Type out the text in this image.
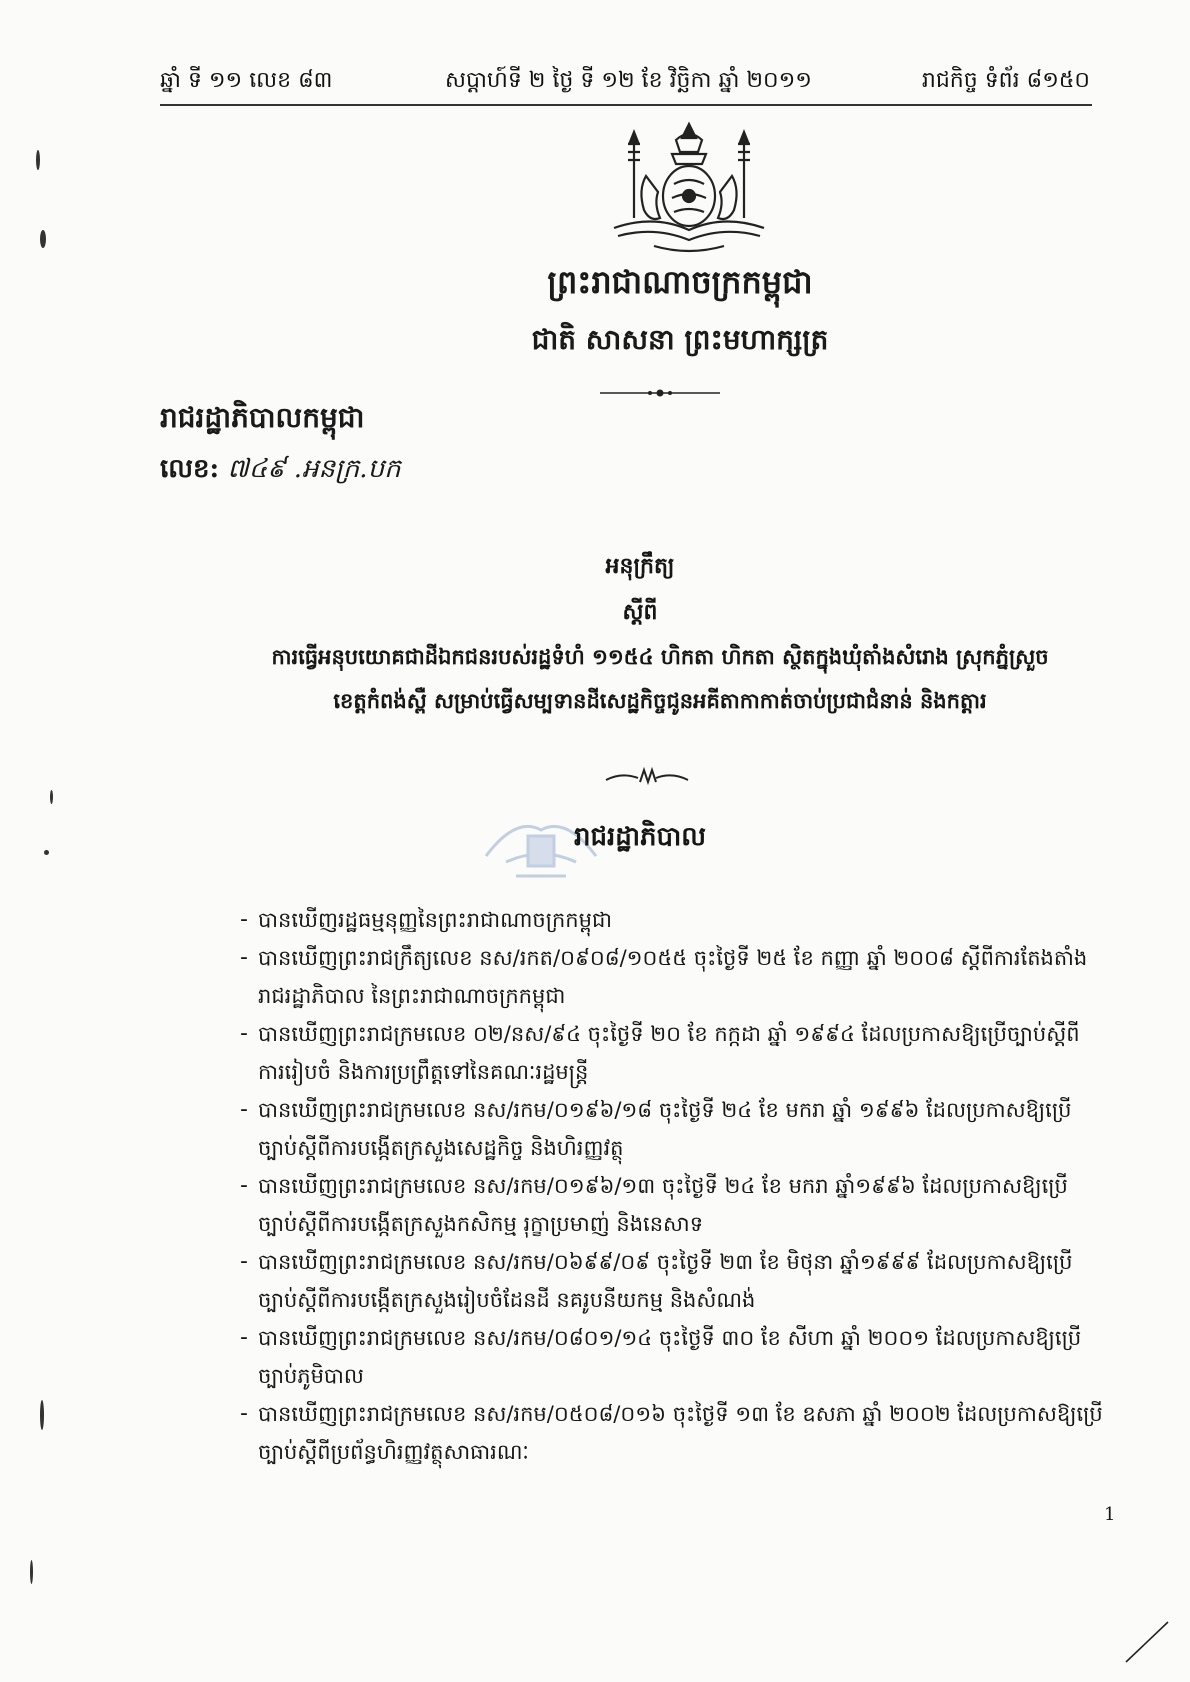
ឆ្នាំ ទី ១១ លេខ ៨៣	សប្តាហ៍ទី ២ ថ្ងៃ ទី ១២ ខែ វិច្ឆិកា ឆ្នាំ ២០១១	រាជកិច្ច ទំព័រ ៨១៥០
ព្រះរាជាណាចក្រកម្ពុជា
ជាតិ សាសនា ព្រះមហាក្សត្រ
រាជរដ្ឋាភិបាលកម្ពុជា
លេខ: ៧៤៩ .អនក្រ.បក
អនុក្រឹត្យ
ស្តីពី
ការធ្វើអនុបយោគជាដីឯកជនរបស់រដ្ឋទំហំ ១១៥៤ ហិកតា ហិកតា ស្ថិតក្នុងឃុំតាំងសំរោង ស្រុកភ្នំស្រួច
ខេត្តកំពង់ស្ពឺ សម្រាប់ធ្វើសម្បទានដីសេដ្ឋកិច្ចជូនអគីតាកាកាត់ចាប់ប្រជាជំនាន់ និងកត្តារ
រាជរដ្ឋាភិបាល
- បានឃើញរដ្ឋធម្មនុញ្ញនៃព្រះរាជាណាចក្រកម្ពុជា
- បានឃើញព្រះរាជក្រឹត្យលេខ នស/រកត/០៩០៨/១០៥៥ ចុះថ្ងៃទី ២៥ ខែ កញ្ញា ឆ្នាំ ២០០៨ ស្តីពីការតែងតាំង
រាជរដ្ឋាភិបាល នៃព្រះរាជាណាចក្រកម្ពុជា
- បានឃើញព្រះរាជក្រមលេខ ០២/នស/៩៤ ចុះថ្ងៃទី ២០ ខែ កក្កដា ឆ្នាំ ១៩៩៤ ដែលប្រកាសឱ្យប្រើច្បាប់ស្តីពី
ការរៀបចំ និងការប្រព្រឹត្តទៅនៃគណៈរដ្ឋមន្ត្រី
- បានឃើញព្រះរាជក្រមលេខ នស/រកម/០១៩៦/១៨ ចុះថ្ងៃទី ២៤ ខែ មករា ឆ្នាំ ១៩៩៦ ដែលប្រកាសឱ្យប្រើ
ច្បាប់ស្តីពីការបង្កើតក្រសួងសេដ្ឋកិច្ច និងហិរញ្ញវត្ថុ
- បានឃើញព្រះរាជក្រមលេខ នស/រកម/០១៩៦/១៣ ចុះថ្ងៃទី ២៤ ខែ មករា ឆ្នាំ១៩៩៦ ដែលប្រកាសឱ្យប្រើ
ច្បាប់ស្តីពីការបង្កើតក្រសួងកសិកម្ម រុក្ខាប្រមាញ់ និងនេសាទ
- បានឃើញព្រះរាជក្រមលេខ នស/រកម/០៦៩៩/០៩ ចុះថ្ងៃទី ២៣ ខែ មិថុនា ឆ្នាំ១៩៩៩ ដែលប្រកាសឱ្យប្រើ
ច្បាប់ស្តីពីការបង្កើតក្រសួងរៀបចំដែនដី នគរូបនីយកម្ម និងសំណង់
- បានឃើញព្រះរាជក្រមលេខ នស/រកម/០៨០១/១៤ ចុះថ្ងៃទី ៣០ ខែ សីហា ឆ្នាំ ២០០១ ដែលប្រកាសឱ្យប្រើ
ច្បាប់ភូមិបាល
- បានឃើញព្រះរាជក្រមលេខ នស/រកម/០៥០៨/០១៦ ចុះថ្ងៃទី ១៣ ខែ ឧសភា ឆ្នាំ ២០០២ ដែលប្រកាសឱ្យប្រើ
ច្បាប់ស្តីពីប្រព័ន្ធហិរញ្ញវត្ថុសាធារណៈ
1
